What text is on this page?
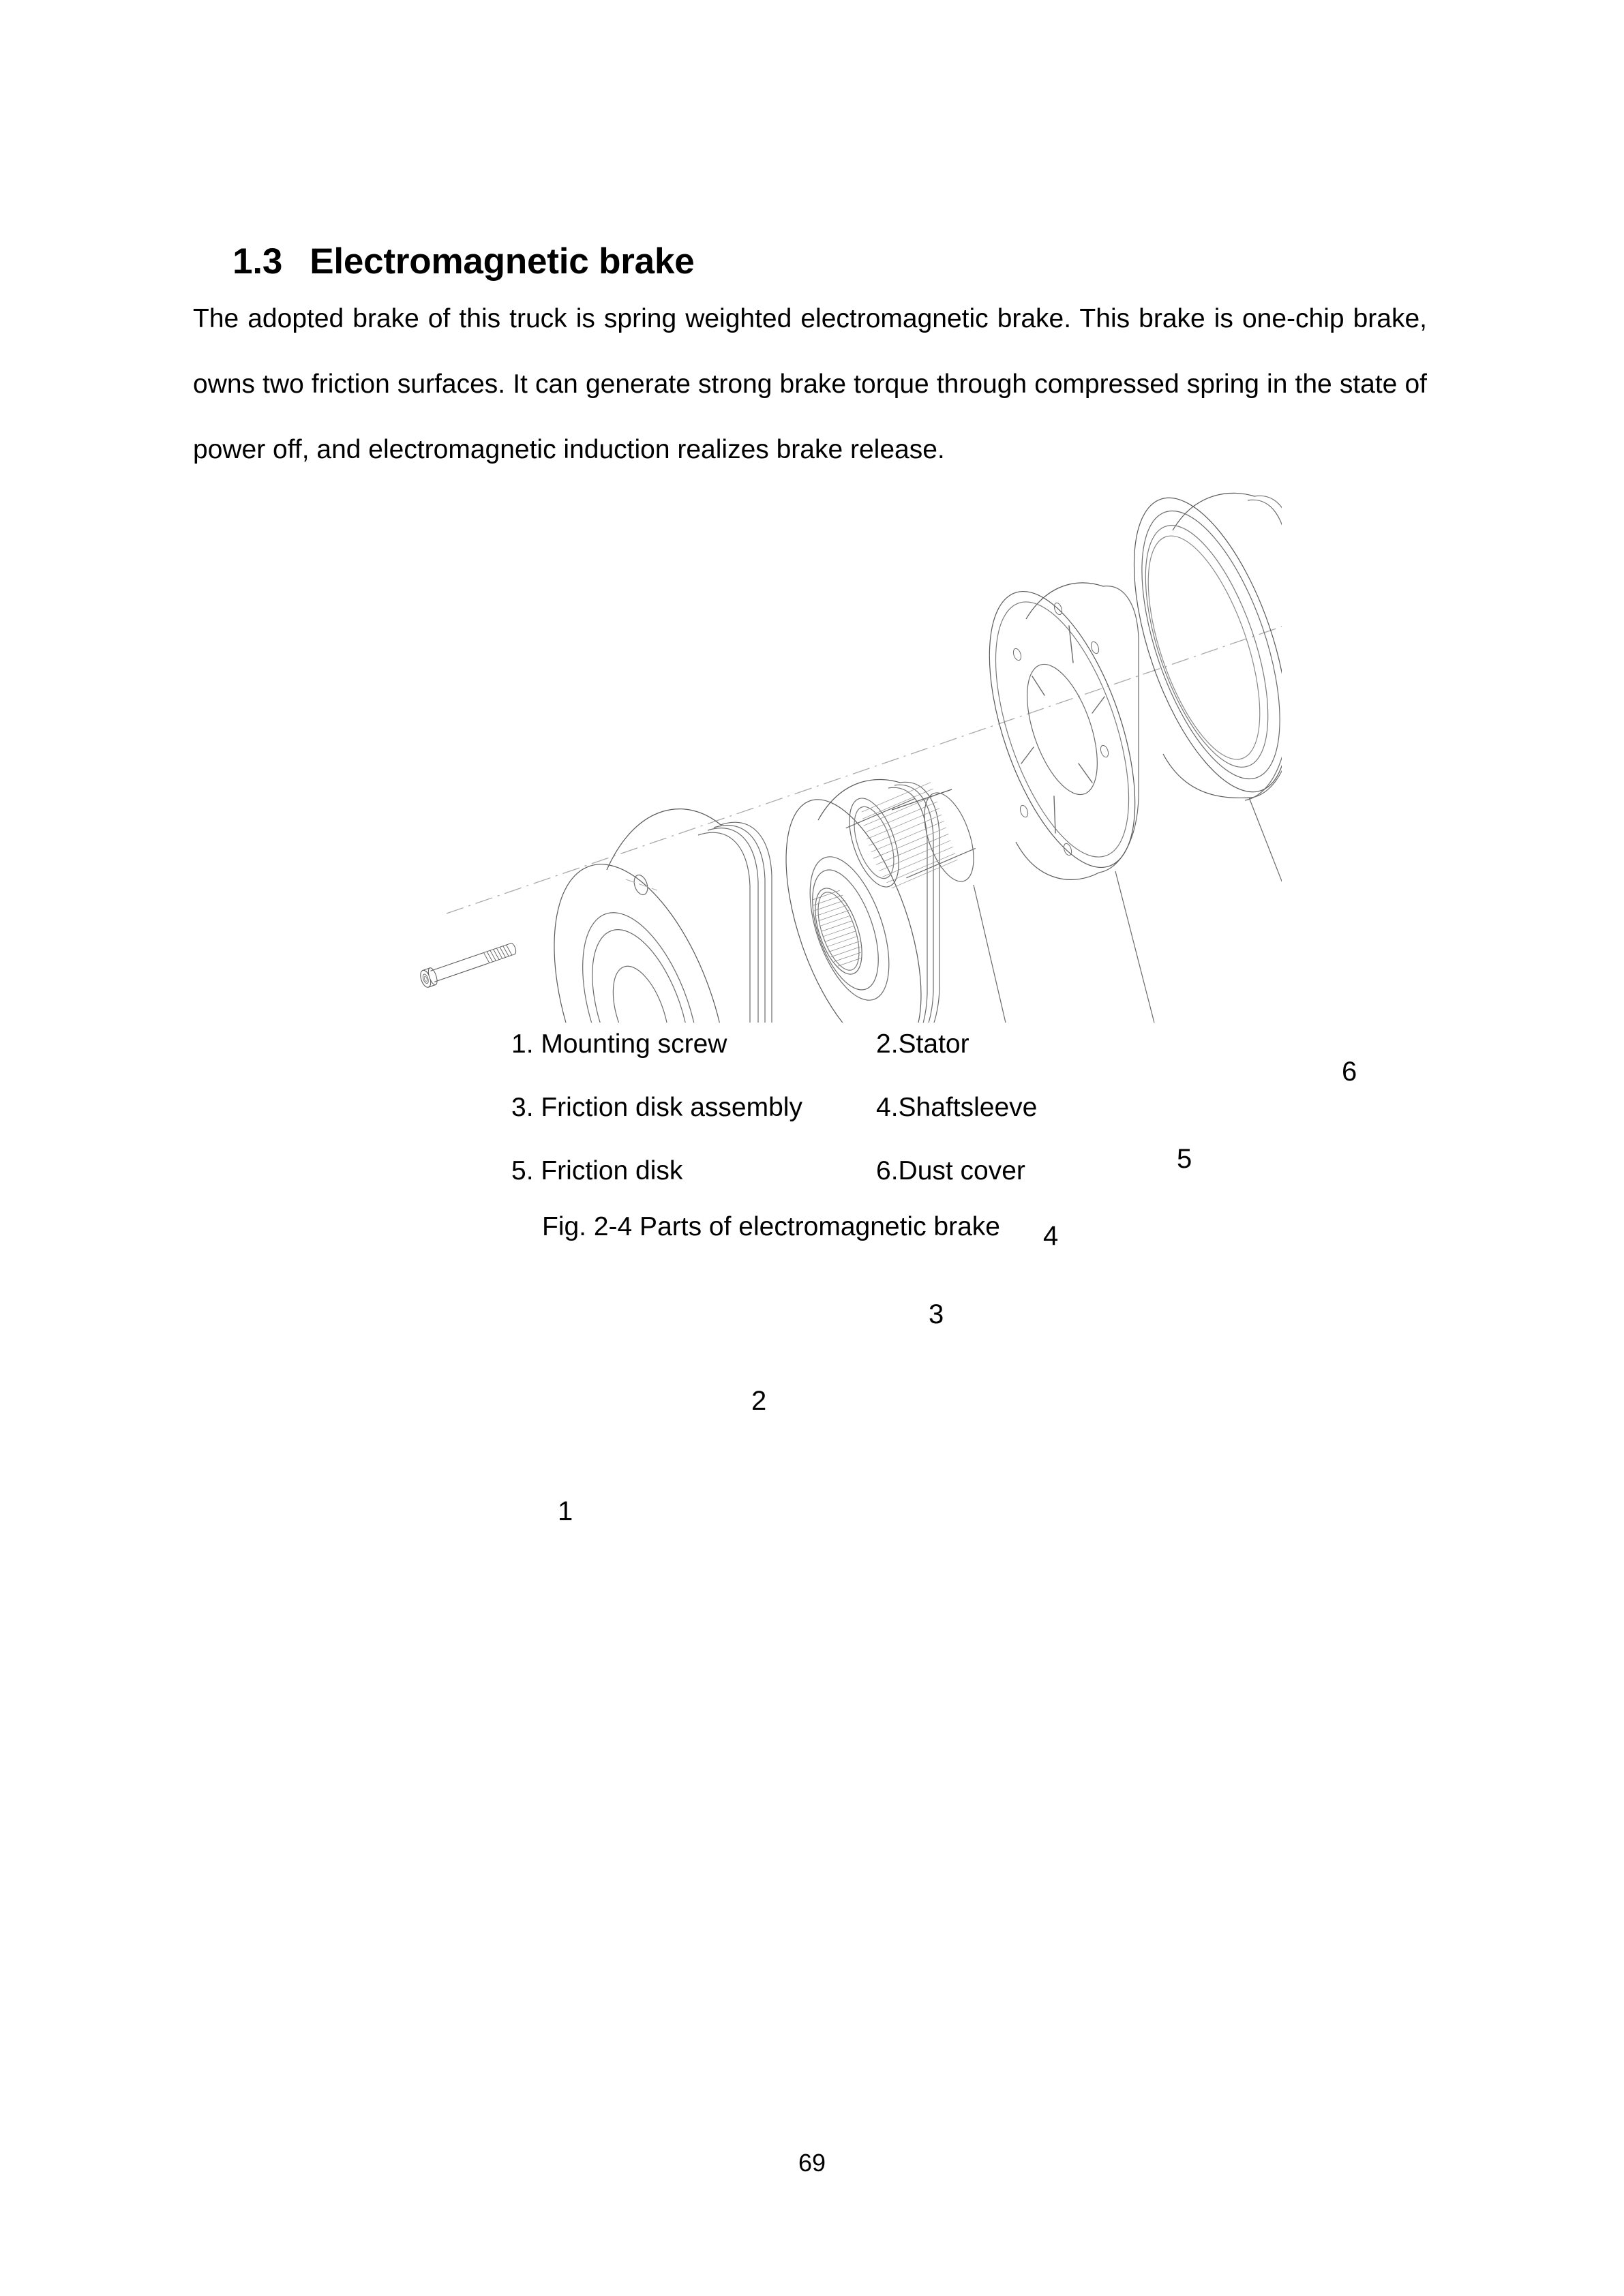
1.3 Electromagnetic brake

The adopted brake of this truck is spring weighted electromagnetic brake. This brake is one-chip brake, owns two friction surfaces. It can generate strong brake torque through compressed spring in the state of power off, and electromagnetic induction realizes brake release.

1
2
3
4
5
6
1. Mounting screw	2.Stator
3. Friction disk assembly	4.Shaftsleeve
5. Friction disk	6.Dust cover
Fig. 2-4 Parts of electromagnetic brake
69
